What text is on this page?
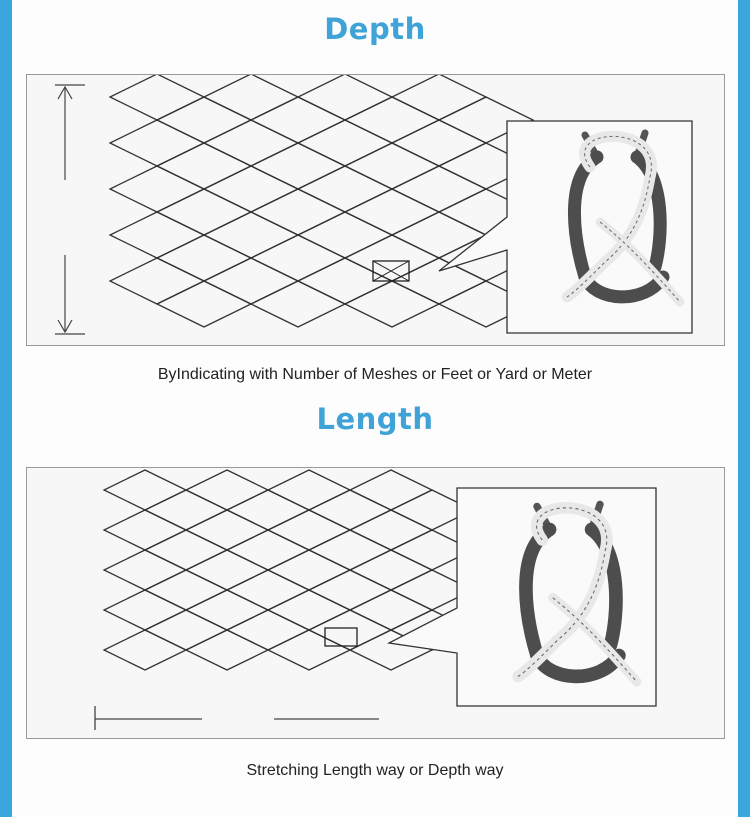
Depth
ByIndicating with Number of Meshes or Feet or Yard or Meter
Length
Stretching Length way or Depth way
